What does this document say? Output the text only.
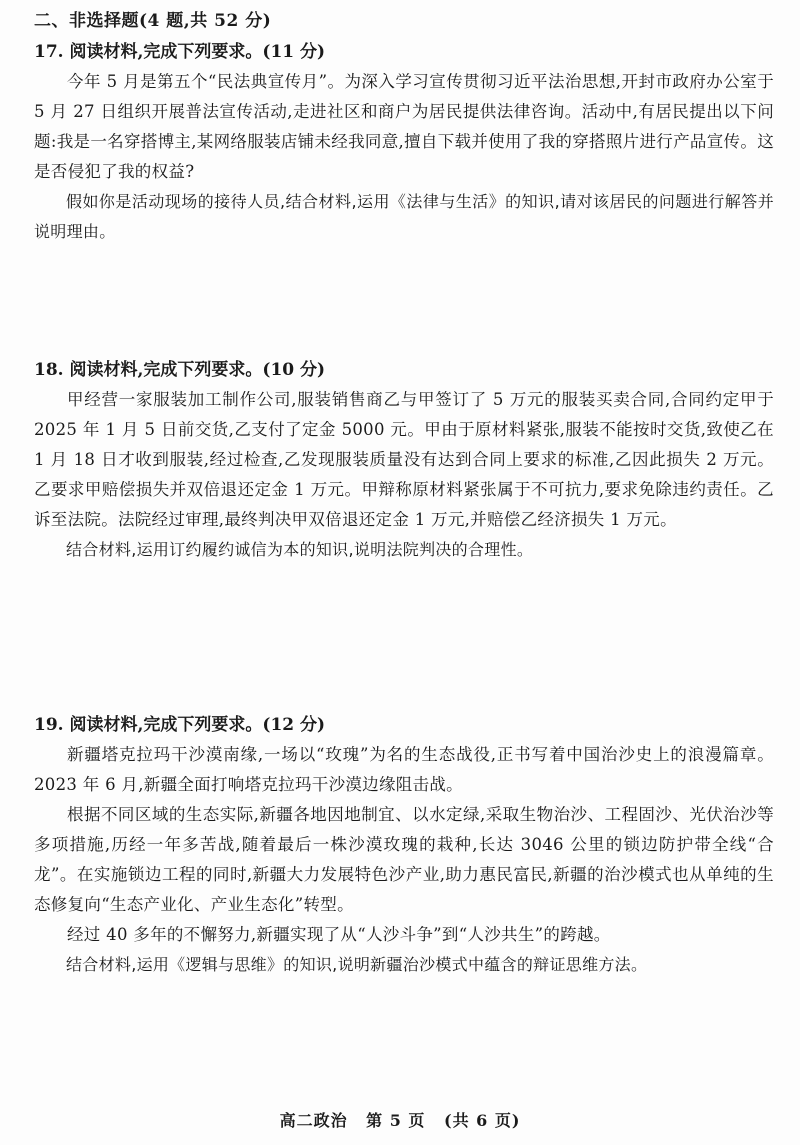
二、非选择题(4 题,共 52 分)

17. 阅读材料,完成下列要求。(11 分)

今年 5 月是第五个“民法典宣传月”。为深入学习宣传贯彻习近平法治思想,开封市政府办公室于 5 月 27 日组织开展普法宣传活动,走进社区和商户为居民提供法律咨询。活动中,有居民提出以下问题:我是一名穿搭博主,某网络服装店铺未经我同意,擅自下载并使用了我的穿搭照片进行产品宣传。这是否侵犯了我的权益?

假如你是活动现场的接待人员,结合材料,运用《法律与生活》的知识,请对该居民的问题进行解答并说明理由。

18. 阅读材料,完成下列要求。(10 分)

甲经营一家服装加工制作公司,服装销售商乙与甲签订了 5 万元的服装买卖合同,合同约定甲于 2025 年 1 月 5 日前交货,乙支付了定金 5000 元。甲由于原材料紧张,服装不能按时交货,致使乙在 1 月 18 日才收到服装,经过检查,乙发现服装质量没有达到合同上要求的标准,乙因此损失 2 万元。乙要求甲赔偿损失并双倍退还定金 1 万元。甲辩称原材料紧张属于不可抗力,要求免除违约责任。乙诉至法院。法院经过审理,最终判决甲双倍退还定金 1 万元,并赔偿乙经济损失 1 万元。

结合材料,运用订约履约诚信为本的知识,说明法院判决的合理性。

19. 阅读材料,完成下列要求。(12 分)

新疆塔克拉玛干沙漠南缘,一场以“玫瑰”为名的生态战役,正书写着中国治沙史上的浪漫篇章。2023 年 6 月,新疆全面打响塔克拉玛干沙漠边缘阻击战。

根据不同区域的生态实际,新疆各地因地制宜、以水定绿,采取生物治沙、工程固沙、光伏治沙等多项措施,历经一年多苦战,随着最后一株沙漠玫瑰的栽种,长达 3046 公里的锁边防护带全线“合龙”。在实施锁边工程的同时,新疆大力发展特色沙产业,助力惠民富民,新疆的治沙模式也从单纯的生态修复向“生态产业化、产业生态化”转型。

经过 40 多年的不懈努力,新疆实现了从“人沙斗争”到“人沙共生”的跨越。

结合材料,运用《逻辑与思维》的知识,说明新疆治沙模式中蕴含的辩证思维方法。

高二政治 第 5 页 (共 6 页)
